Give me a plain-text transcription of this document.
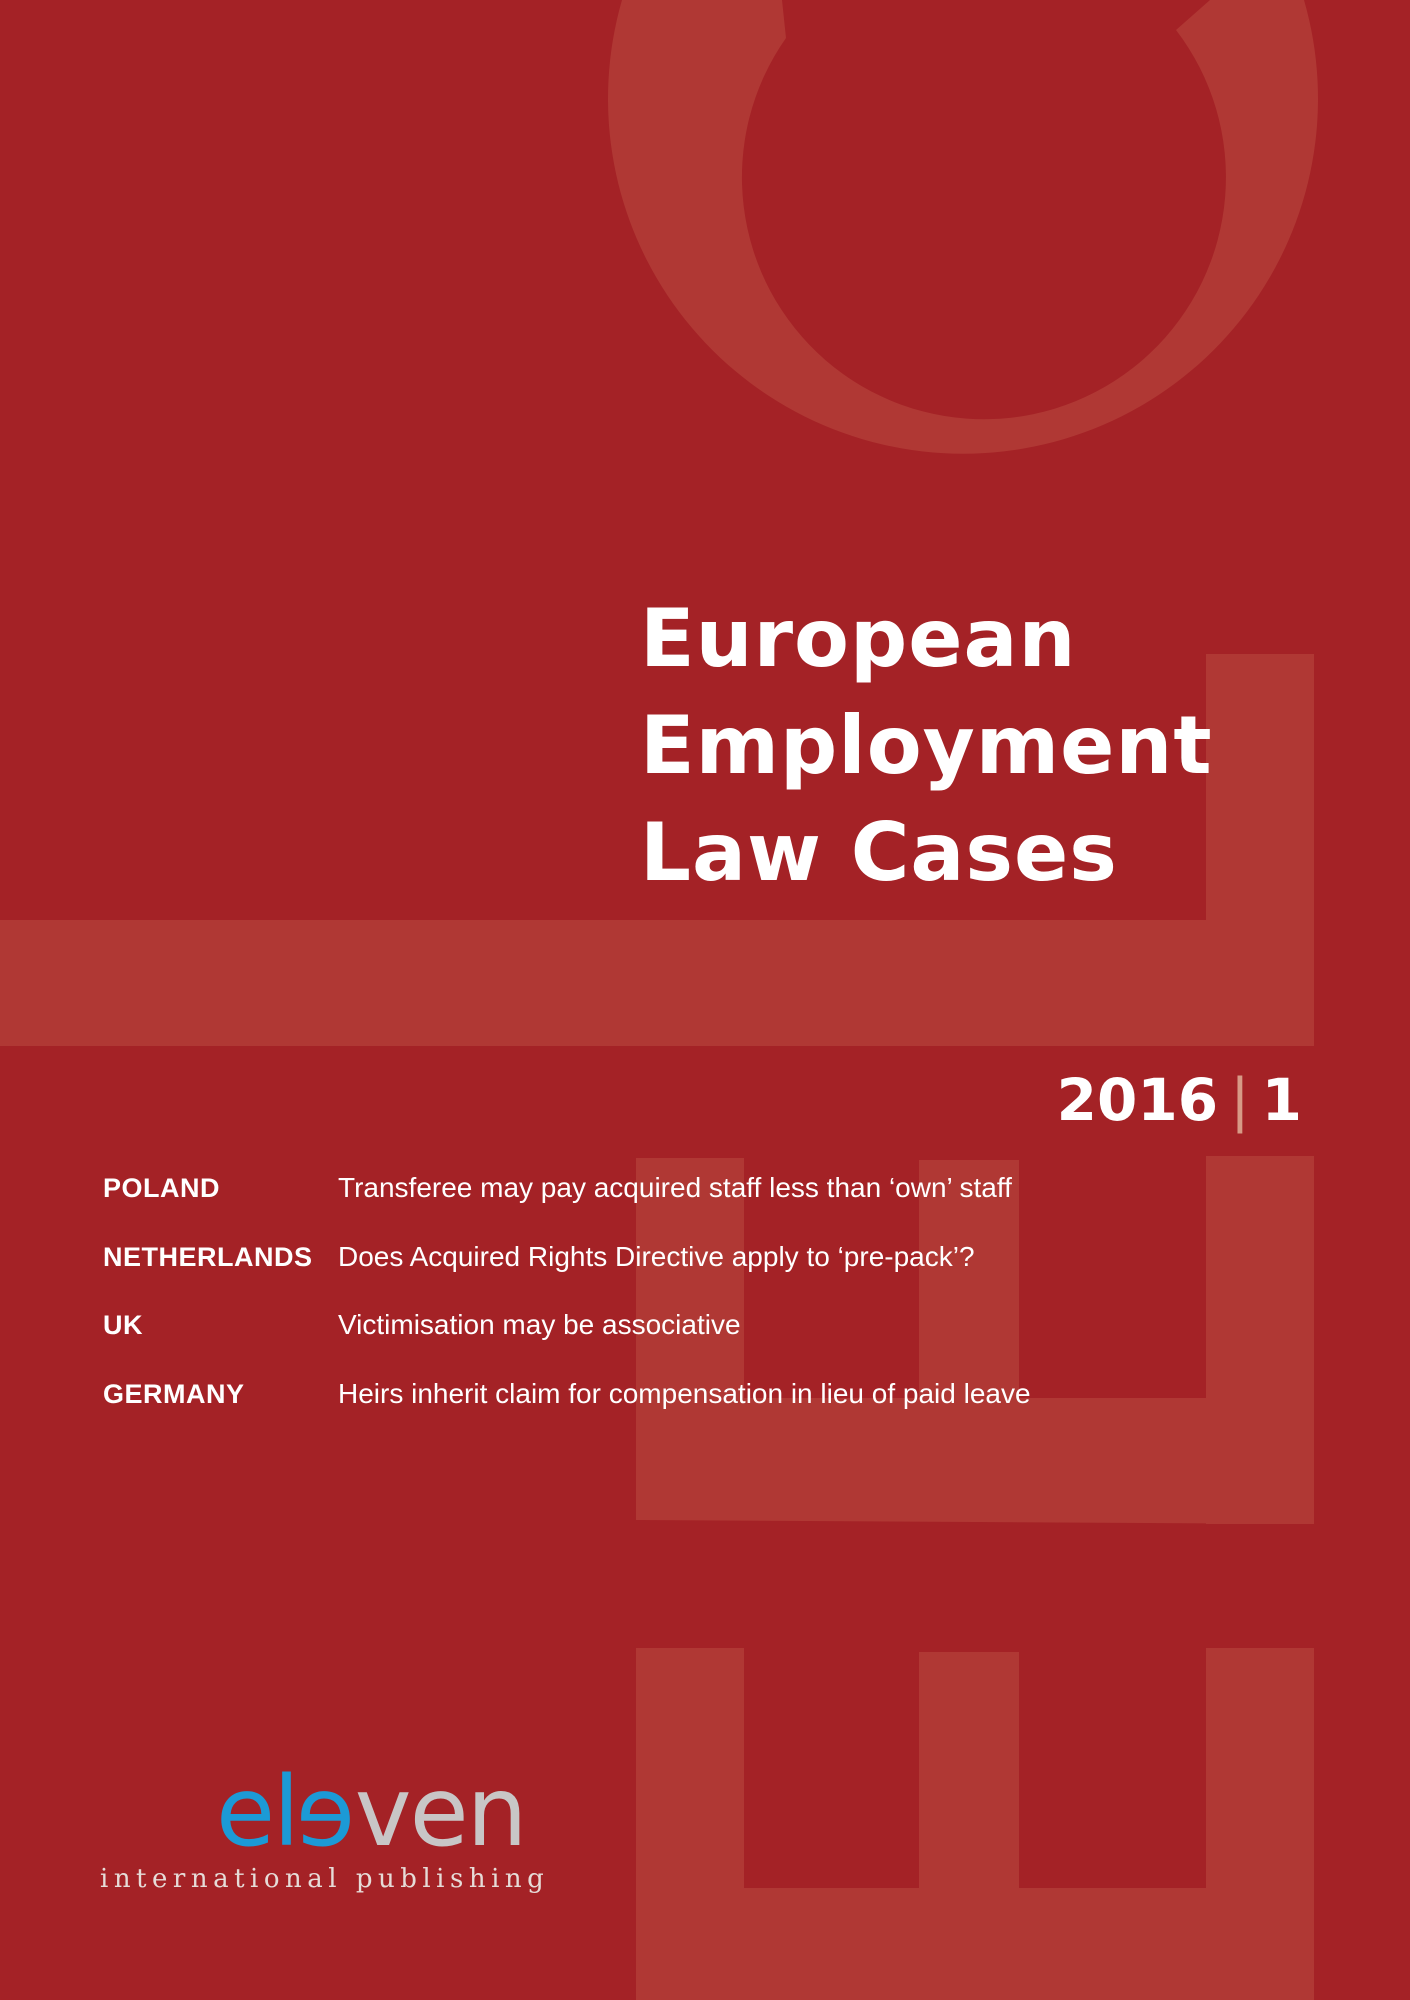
European
Employment
Law Cases
2016 | 1
POLAND	Transferee may pay acquired staff less than ‘own’ staff
NETHERLANDS Does Acquired Rights Directive apply to ‘pre-pack’?
UK	Victimisation may be associative
GERMANY	Heirs inherit claim for compensation in lieu of paid leave
eleven
international publishing
